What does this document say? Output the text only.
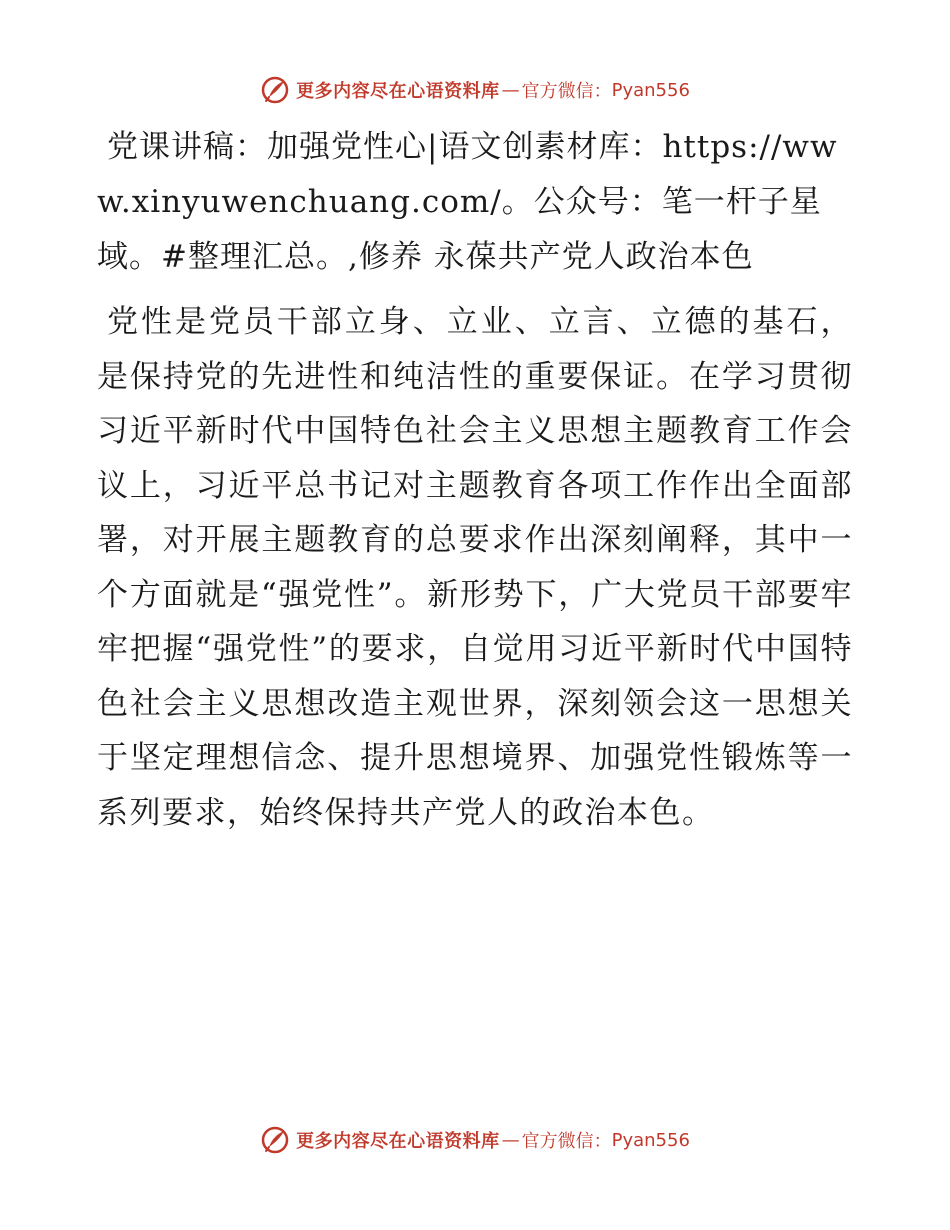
更多内容尽在心语资料库 — 官方微信： Pyan556

党课讲稿：加强党性心|语文创素材库：https://www.xinyuwenchuang.com/。公众号：笔一杆子星域。#整理汇总。,修养 永葆共产党人政治本色

党性是党员干部立身、立业、立言、立德的基石，是保持党的先进性和纯洁性的重要保证。在学习贯彻习近平新时代中国特色社会主义思想主题教育工作会议上，习近平总书记对主题教育各项工作作出全面部署，对开展主题教育的总要求作出深刻阐释，其中一个方面就是“强党性”。新形势下，广大党员干部要牢牢把握“强党性”的要求，自觉用习近平新时代中国特色社会主义思想改造主观世界，深刻领会这一思想关于坚定理想信念、提升思想境界、加强党性锻炼等一系列要求，始终保持共产党人的政治本色。

更多内容尽在心语资料库 — 官方微信： Pyan556
